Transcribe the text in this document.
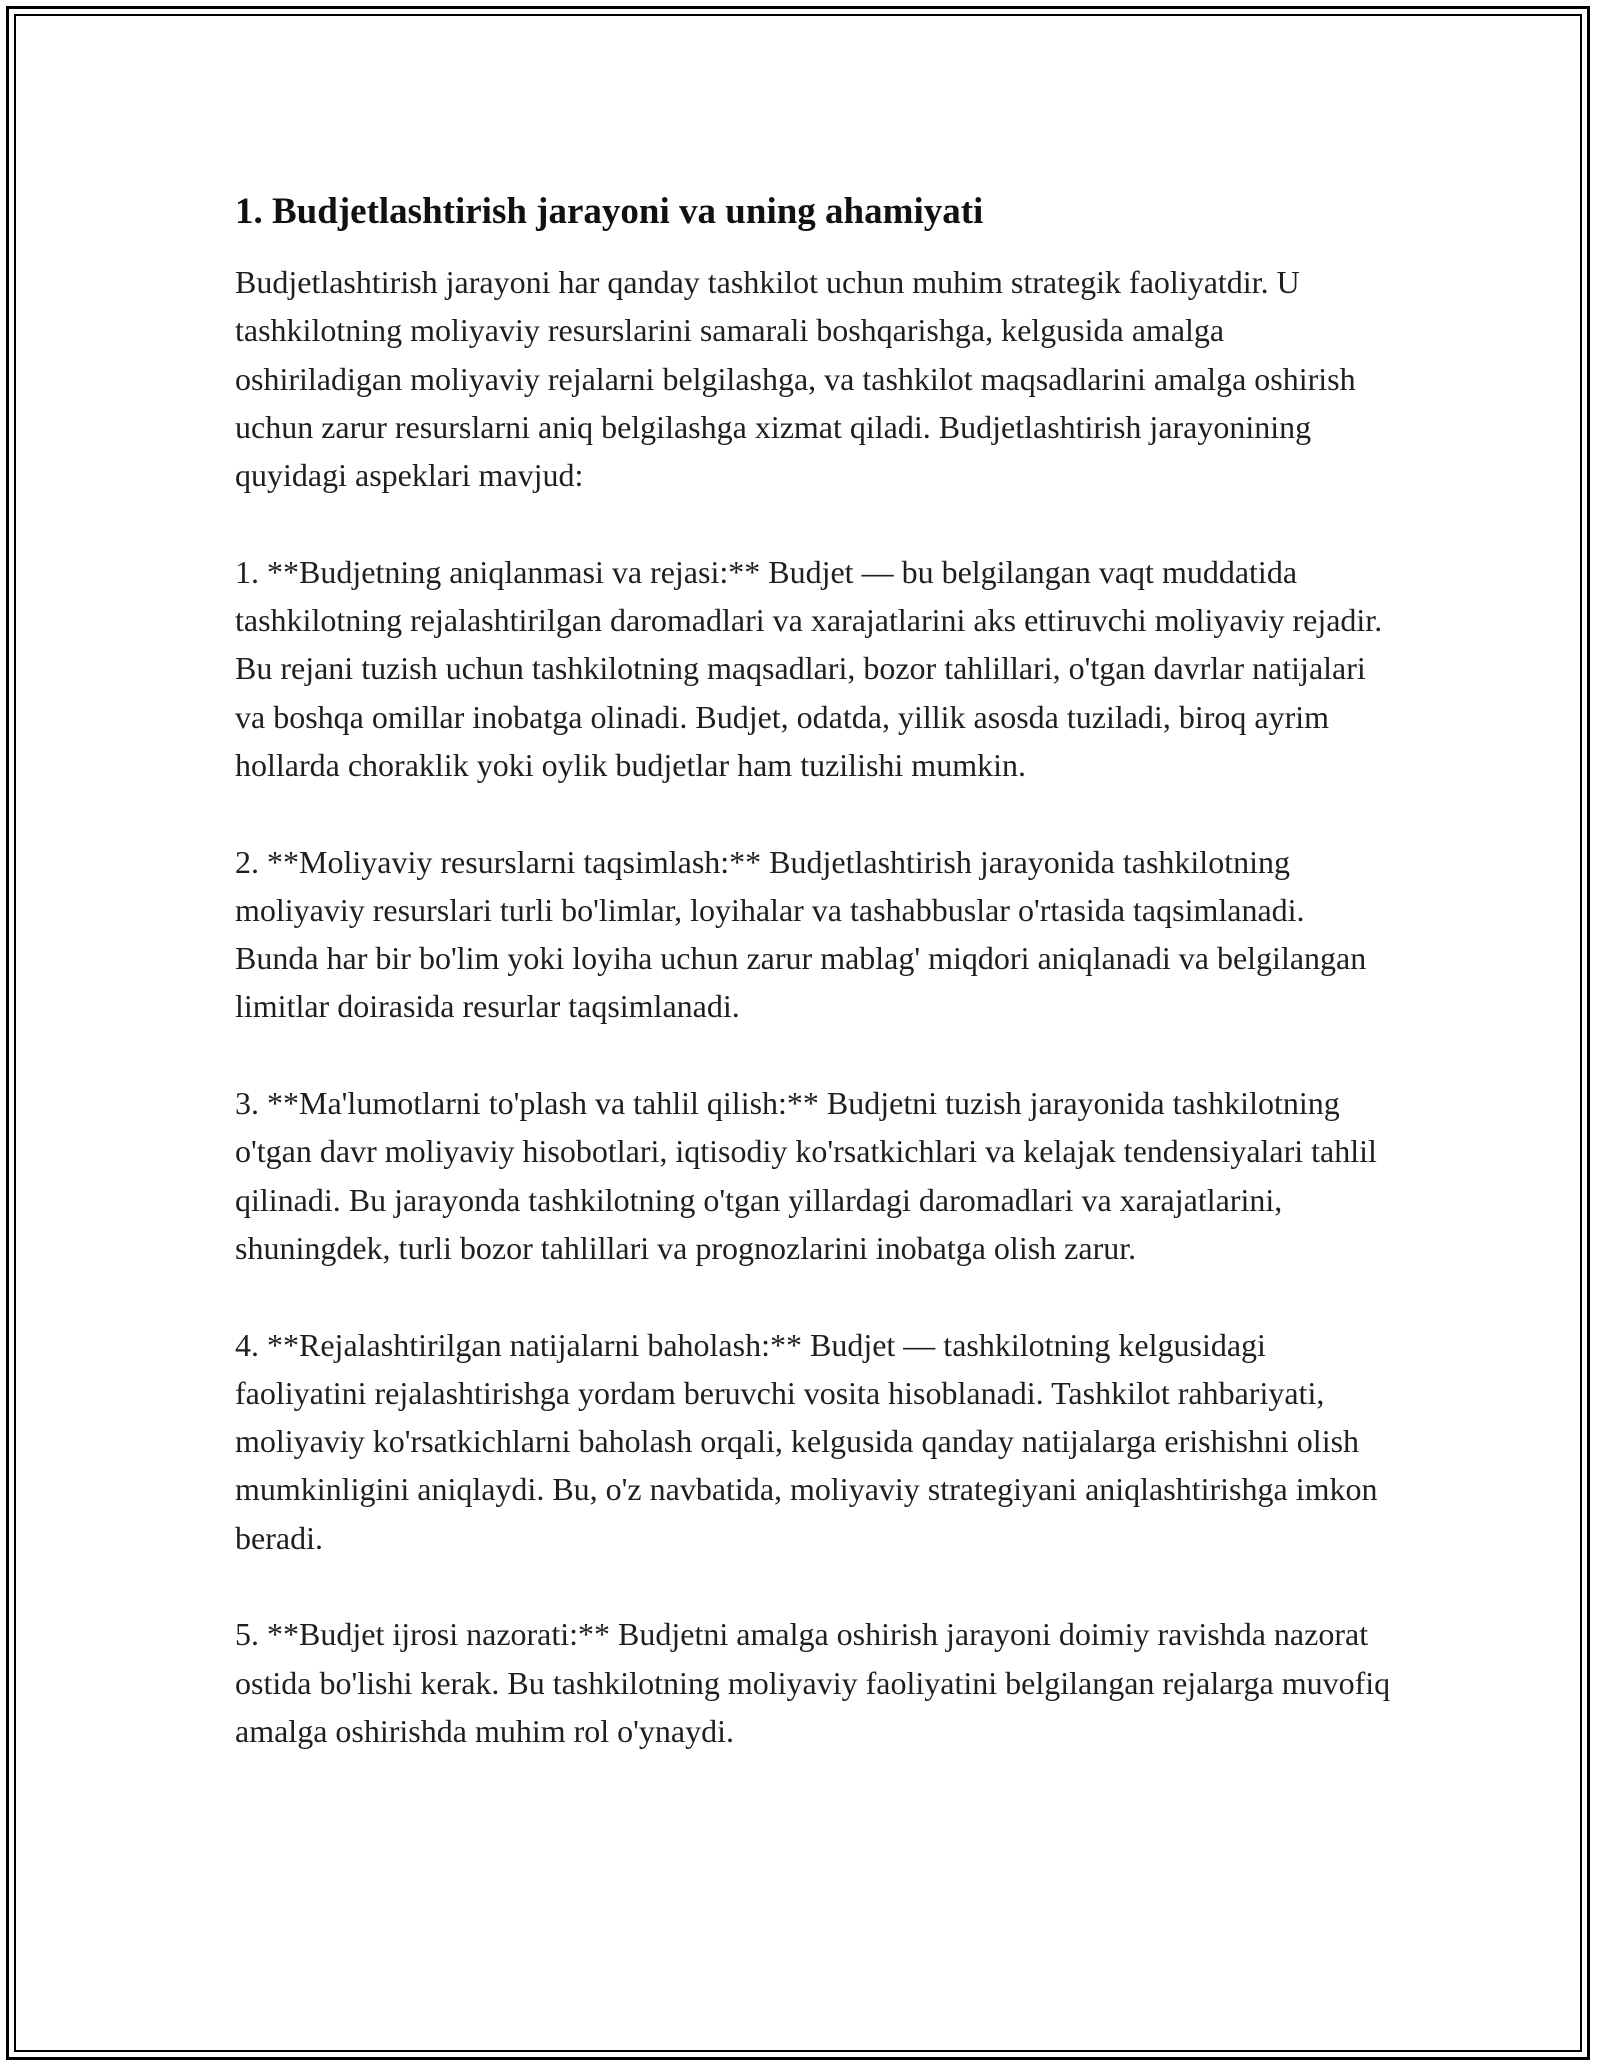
1. Budjetlashtirish jarayoni va uning ahamiyati

Budjetlashtirish jarayoni har qanday tashkilot uchun muhim strategik faoliyatdir. U tashkilotning moliyaviy resurslarini samarali boshqarishga, kelgusida amalga oshiriladigan moliyaviy rejalarni belgilashga, va tashkilot maqsadlarini amalga oshirish uchun zarur resurslarni aniq belgilashga xizmat qiladi. Budjetlashtirish jarayonining quyidagi aspeklari mavjud:

1. **Budjetning aniqlanmasi va rejasi:** Budjet — bu belgilangan vaqt muddatida tashkilotning rejalashtirilgan daromadlari va xarajatlarini aks ettiruvchi moliyaviy rejadir. Bu rejani tuzish uchun tashkilotning maqsadlari, bozor tahlillari, o'tgan davrlar natijalari va boshqa omillar inobatga olinadi. Budjet, odatda, yillik asosda tuziladi, biroq ayrim hollarda choraklik yoki oylik budjetlar ham tuzilishi mumkin.

2. **Moliyaviy resurslarni taqsimlash:** Budjetlashtirish jarayonida tashkilotning moliyaviy resurslari turli bo'limlar, loyihalar va tashabbuslar o'rtasida taqsimlanadi. Bunda har bir bo'lim yoki loyiha uchun zarur mablag' miqdori aniqlanadi va belgilangan limitlar doirasida resurlar taqsimlanadi.

3. **Ma'lumotlarni to'plash va tahlil qilish:** Budjetni tuzish jarayonida tashkilotning o'tgan davr moliyaviy hisobotlari, iqtisodiy ko'rsatkichlari va kelajak tendensiyalari tahlil qilinadi. Bu jarayonda tashkilotning o'tgan yillardagi daromadlari va xarajatlarini, shuningdek, turli bozor tahlillari va prognozlarini inobatga olish zarur.

4. **Rejalashtirilgan natijalarni baholash:** Budjet — tashkilotning kelgusidagi faoliyatini rejalashtirishga yordam beruvchi vosita hisoblanadi. Tashkilot rahbariyati, moliyaviy ko'rsatkichlarni baholash orqali, kelgusida qanday natijalarga erishishni olish mumkinligini aniqlaydi. Bu, o'z navbatida, moliyaviy strategiyani aniqlashtirishga imkon beradi.

5. **Budjet ijrosi nazorati:** Budjetni amalga oshirish jarayoni doimiy ravishda nazorat ostida bo'lishi kerak. Bu tashkilotning moliyaviy faoliyatini belgilangan rejalarga muvofiq amalga oshirishda muhim rol o'ynaydi.
